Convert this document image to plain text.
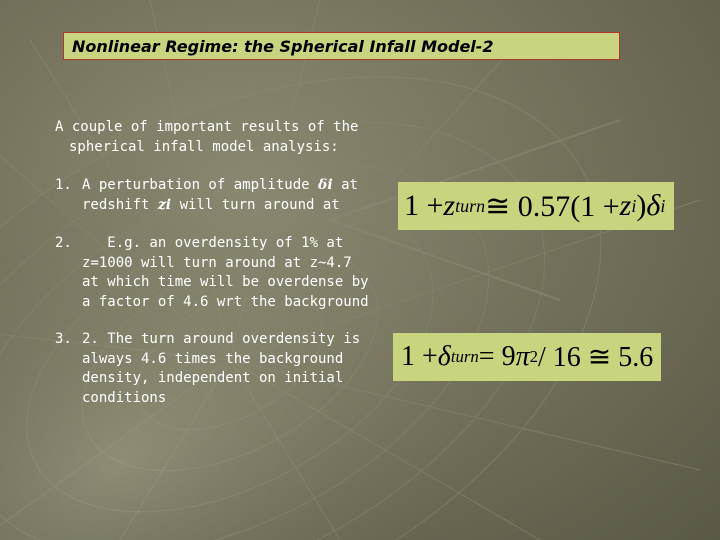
Nonlinear Regime: the Spherical Infall Model-2
A couple of important results of the
spherical infall model analysis:
1. A perturbation of amplitude δi at
redshift zi will turn around at
2. E.g. an overdensity of 1% at
z=1000 will turn around at z~4.7
at which time will be overdense by
a factor of 4.6 wrt the background
3. 2. The turn around overdensity is
always 4.6 times the background
density, independent on initial
conditions
1 + z turn ≅ 0.57(1 + z i ) δ i
1 + δ turn = 9 π 2 / 16 ≅ 5.6
